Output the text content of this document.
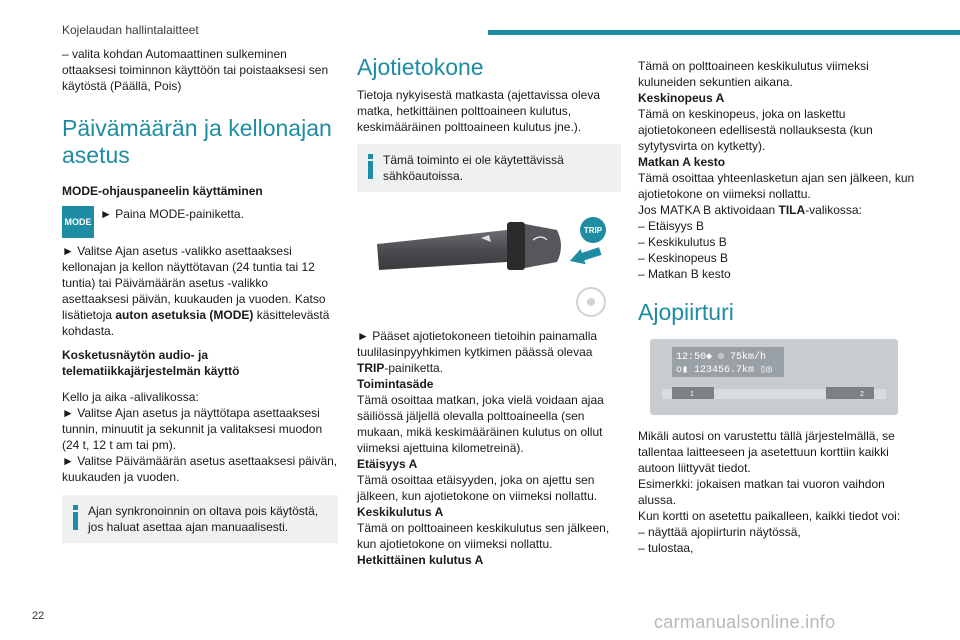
Kojelaudan hallintalaitteet

– valita kohdan Automaattinen sulkeminen ottaaksesi toiminnon käyttöön tai poistaaksesi sen käytöstä (Päällä, Pois)

Päivämäärän ja kellonajan asetus

MODE-ohjauspaneelin käyttäminen

MODE

► Paina MODE-painiketta.

► Valitse Ajan asetus -valikko asettaaksesi kellonajan ja kellon näyttötavan (24 tuntia tai 12 tuntia) tai Päivämäärän asetus -valikko asettaaksesi päivän, kuukauden ja vuoden. Katso lisätietoja auton asetuksia (MODE) käsittelevästä kohdasta.

Kosketusnäytön audio- ja telematiikkajärjestelmän käyttö

Kello ja aika -alivalikossa:

► Valitse Ajan asetus ja näyttötapa asettaaksesi tunnin, minuutit ja sekunnit ja valitaksesi muodon (24 t, 12 t am tai pm).

► Valitse Päivämäärän asetus asettaaksesi päivän, kuukauden ja vuoden.

Ajan synkronoinnin on oltava pois käytöstä, jos haluat asettaa ajan manuaalisesti.

Ajotietokone

Tietoja nykyisestä matkasta (ajettavissa oleva matka, hetkittäinen polttoaineen kulutus, keskimääräinen polttoaineen kulutus jne.).

Tämä toiminto ei ole käytettävissä sähköautoissa.

TRIP

► Pääset ajotietokoneen tietoihin painamalla tuulilasinpyyhkimen kytkimen päässä olevaa TRIP-painiketta.

Toimintasäde

Tämä osoittaa matkan, joka vielä voidaan ajaa säiliössä jäljellä olevalla polttoaineella (sen mukaan, mikä keskimääräinen kulutus on ollut viimeksi ajettuina kilometreinä).

Etäisyys A

Tämä osoittaa etäisyyden, joka on ajettu sen jälkeen, kun ajotietokone on viimeksi nollattu.

Keskikulutus A

Tämä on polttoaineen keskikulutus sen jälkeen, kun ajotietokone on viimeksi nollattu.

Hetkittäinen kulutus A

Tämä on polttoaineen keskikulutus viimeksi kuluneiden sekuntien aikana.

Keskinopeus A

Tämä on keskinopeus, joka on laskettu ajotietokoneen edellisestä nollauksesta (kun sytytysvirta on kytketty).

Matkan A kesto

Tämä osoittaa yhteenlasketun ajan sen jälkeen, kun ajotietokone on viimeksi nollattu.

Jos MATKA B aktivoidaan TILA-valikossa:

– Etäisyys B

– Keskikulutus B

– Keskinopeus B

– Matkan B kesto

Ajopiirturi
12:50◆ ⊙ 75km/h
o▮ 123456.7km ▯◎
1	2

Mikäli autosi on varustettu tällä järjestelmällä, se tallentaa laitteeseen ja asetettuun korttiin kaikki autoon liittyvät tiedot.

Esimerkki: jokaisen matkan tai vuoron vaihdon alussa.

Kun kortti on asetettu paikalleen, kaikki tiedot voi:

– näyttää ajopiirturin näytössä,

– tulostaa,

22	carmanualsonline.info
